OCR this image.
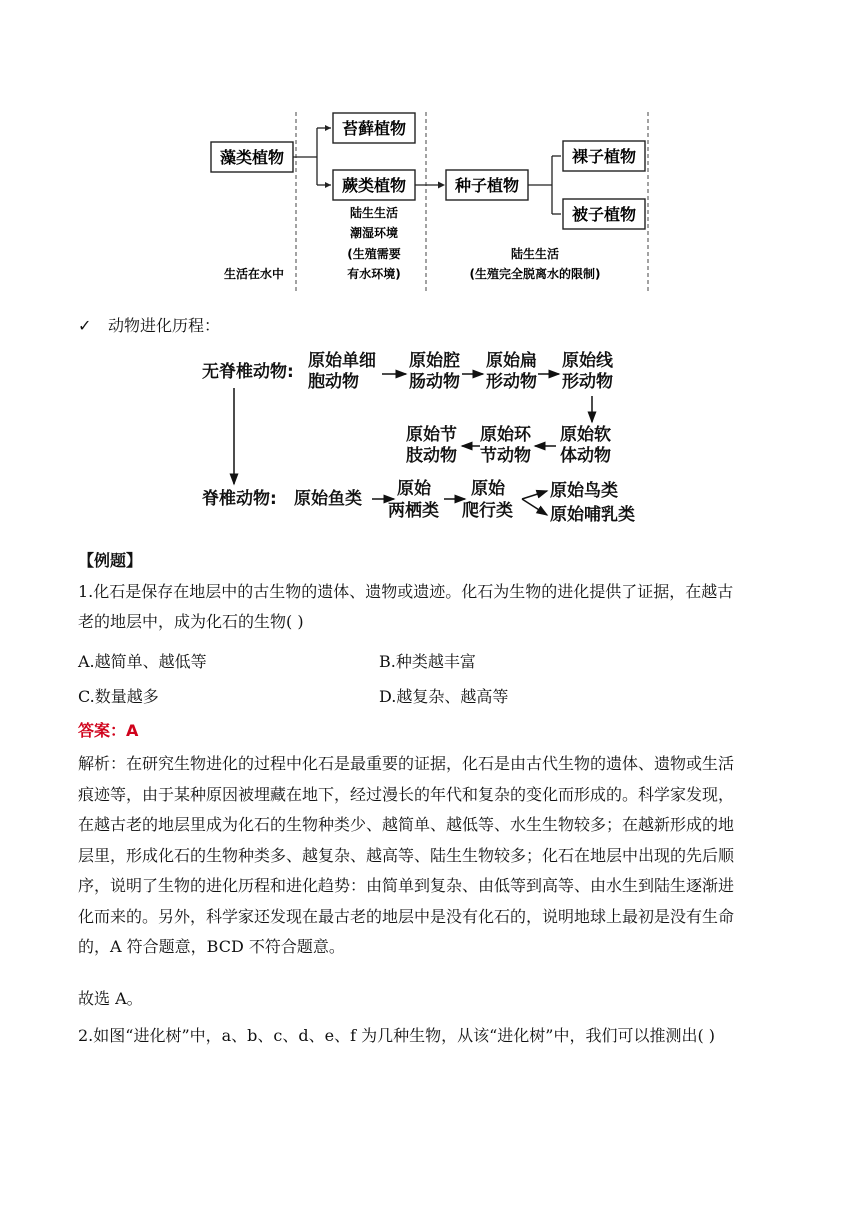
藻类植物
苔藓植物
蕨类植物	种子植物
裸子植物
被子植物
生活在水中
陆生生活
潮湿环境
(生殖需要
有水环境)
陆生生活
(生殖完全脱离水的限制)
✓ 动物进化历程：
无脊椎动物:
原始单细
胞动物
原始腔
肠动物
原始扁
形动物
原始线
形动物
原始节
肢动物
原始环
节动物
原始软
体动物
脊椎动物: 原始鱼类 原始
两栖类
原始
爬行类
原始鸟类
原始哺乳类
【例题】
1.化石是保存在地层中的古生物的遗体、遗物或遗迹。化石为生物的进化提供了证据，在越古
老的地层中，成为化石的生物( )
A.越简单、越低等	B.种类越丰富
C.数量越多	D.越复杂、越高等
答案：A
解析：在研究生物进化的过程中化石是最重要的证据，化石是由古代生物的遗体、遗物或生活
痕迹等，由于某种原因被埋藏在地下，经过漫长的年代和复杂的变化而形成的。科学家发现，
在越古老的地层里成为化石的生物种类少、越简单、越低等、水生生物较多；在越新形成的地
层里，形成化石的生物种类多、越复杂、越高等、陆生生物较多；化石在地层中出现的先后顺
序，说明了生物的进化历程和进化趋势：由简单到复杂、由低等到高等、由水生到陆生逐渐进
化而来的。另外，科学家还发现在最古老的地层中是没有化石的，说明地球上最初是没有生命
的，A 符合题意，BCD 不符合题意。
故选 A。
2.如图“进化树”中，a、b、c、d、e、f 为几种生物，从该“进化树”中，我们可以推测出( )
